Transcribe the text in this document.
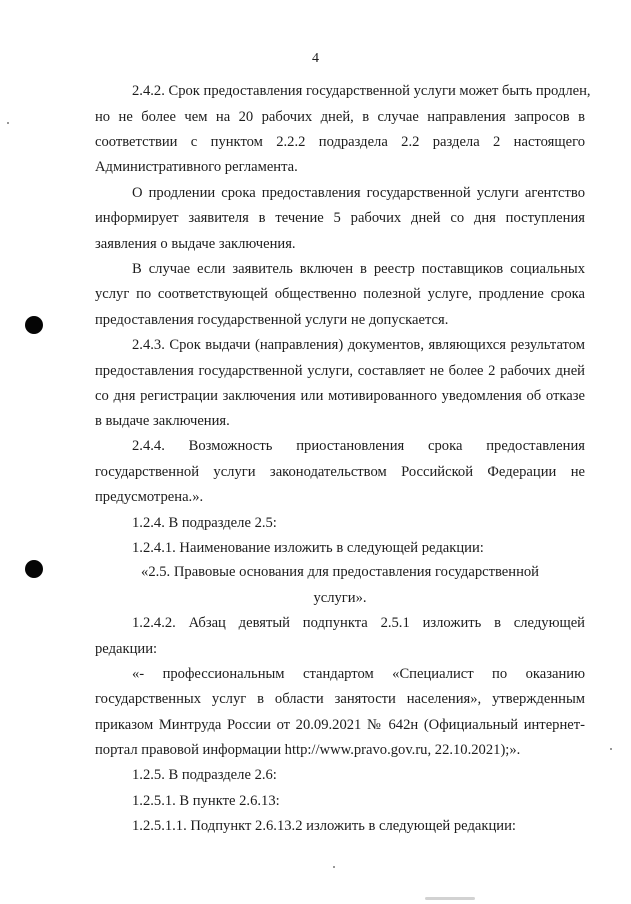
4
2.4.2. Срок предоставления государственной услуги может быть продлен,
но не более чем на 20 рабочих дней, в случае направления запросов в
соответствии с пунктом 2.2.2 подраздела 2.2 раздела 2 настоящего
Административного регламента.
О продлении срока предоставления государственной услуги агентство
информирует заявителя в течение 5 рабочих дней со дня поступления
заявления о выдаче заключения.
В случае если заявитель включен в реестр поставщиков социальных
услуг по соответствующей общественно полезной услуге, продление срока
предоставления государственной услуги не допускается.
2.4.3. Срок выдачи (направления) документов, являющихся результатом
предоставления государственной услуги, составляет не более 2 рабочих дней
со дня регистрации заключения или мотивированного уведомления об отказе
в выдаче заключения.
2.4.4. Возможность приостановления срока предоставления
государственной услуги законодательством Российской Федерации не
предусмотрена.».
1.2.4. В подразделе 2.5:
1.2.4.1. Наименование изложить в следующей редакции:
«2.5. Правовые основания для предоставления государственной
услуги».
1.2.4.2. Абзац девятый подпункта 2.5.1 изложить в следующей
редакции:
«- профессиональным стандартом «Специалист по оказанию
государственных услуг в области занятости населения», утвержденным
приказом Минтруда России от 20.09.2021 № 642н (Официальный интернет-
портал правовой информации http://www.pravo.gov.ru, 22.10.2021);».
1.2.5. В подразделе 2.6:
1.2.5.1. В пункте 2.6.13:
1.2.5.1.1. Подпункт 2.6.13.2 изложить в следующей редакции:
